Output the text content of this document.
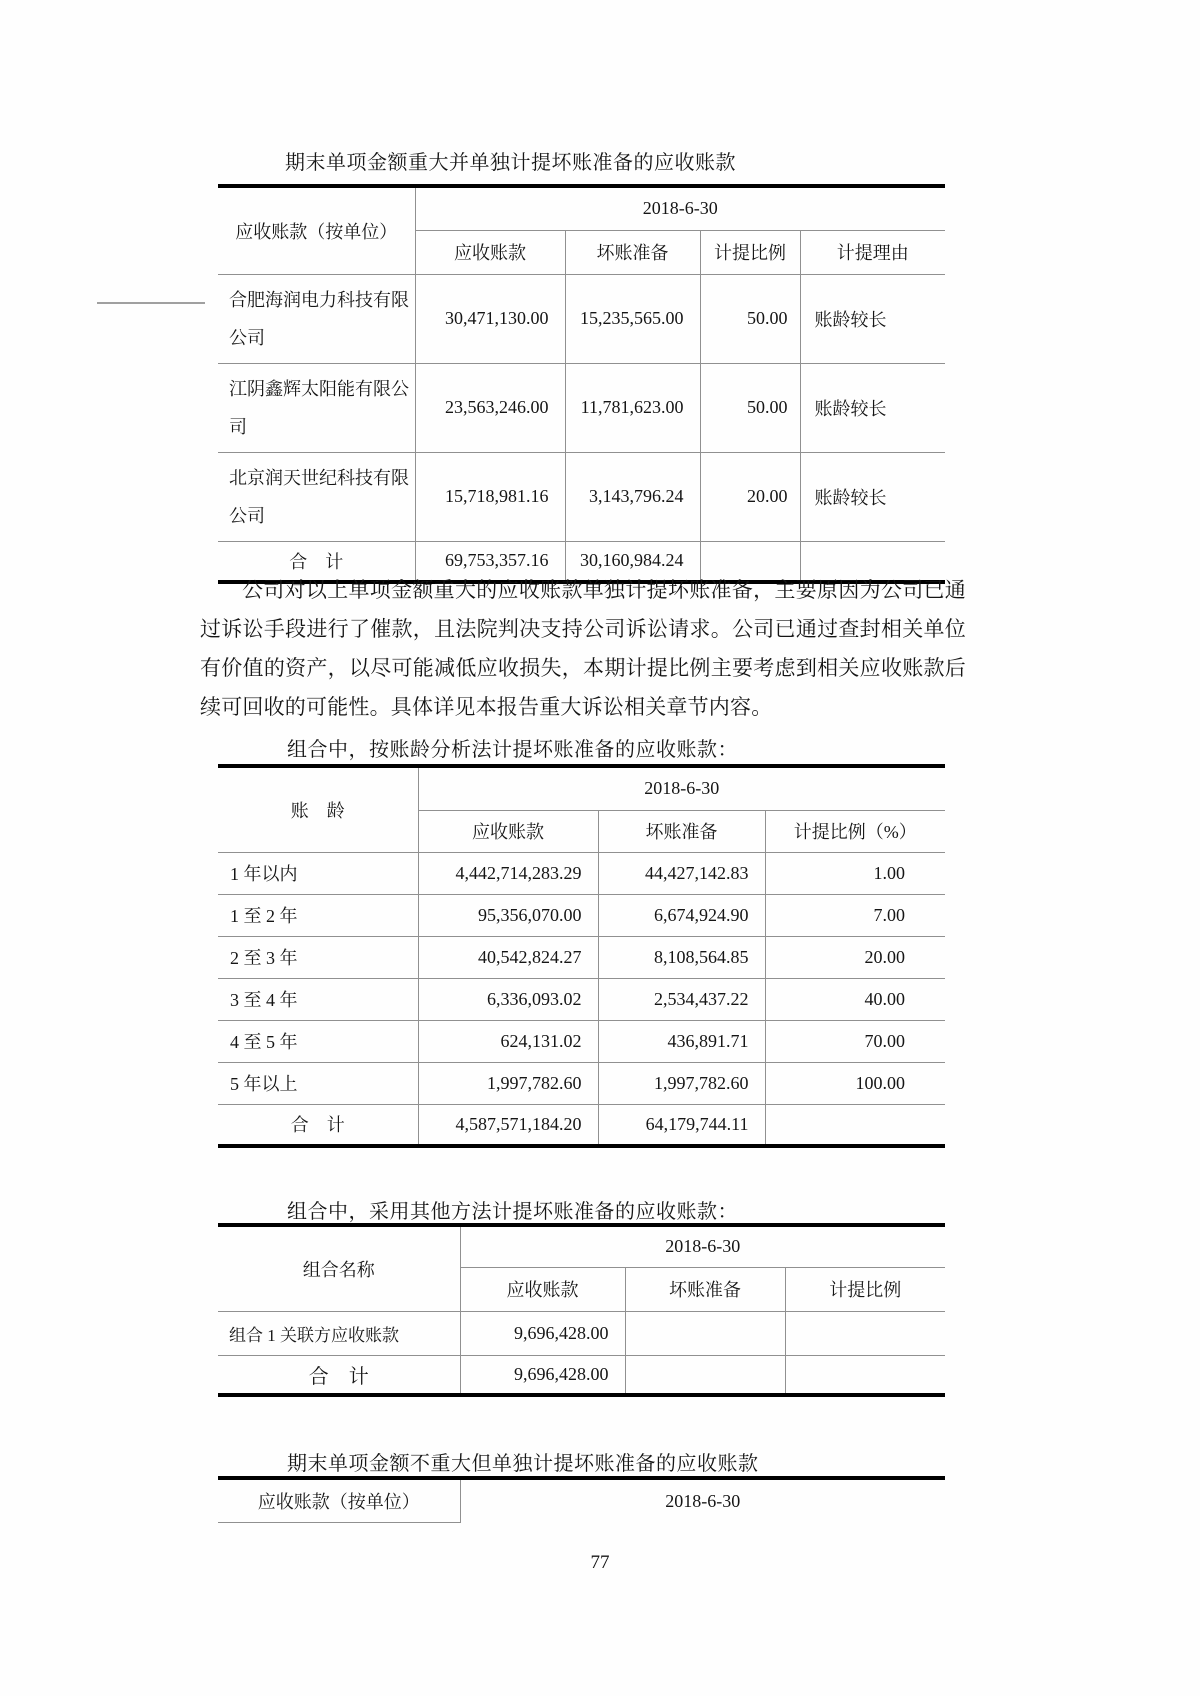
期末单项金额重大并单独计提坏账准备的应收账款
应收账款（按单位）	2018-6-30			
	应收账款	坏账准备	计提比例	计提理由
合肥海润电力科技有限公司	30,471,130.00	15,235,565.00	50.00	账龄较长
江阴鑫辉太阳能有限公司	23,563,246.00	11,781,623.00	50.00	账龄较长
北京润天世纪科技有限公司	15,718,981.16	3,143,796.24	20.00	账龄较长
合　计	69,753,357.16	30,160,984.24		
公司对以上单项金额重大的应收账款单独计提坏账准备，主要原因为公司已通过诉讼手段进行了催款，且法院判决支持公司诉讼请求。公司已通过查封相关单位有价值的资产，以尽可能减低应收损失，本期计提比例主要考虑到相关应收账款后续可回收的可能性。具体详见本报告重大诉讼相关章节内容。
组合中，按账龄分析法计提坏账准备的应收账款：
账　龄	2018-6-30		
	应收账款	坏账准备	计提比例（%）
1 年以内	4,442,714,283.29	44,427,142.83	1.00
1 至 2 年	95,356,070.00	6,674,924.90	7.00
2 至 3 年	40,542,824.27	8,108,564.85	20.00
3 至 4 年	6,336,093.02	2,534,437.22	40.00
4 至 5 年	624,131.02	436,891.71	70.00
5 年以上	1,997,782.60	1,997,782.60	100.00
合　计	4,587,571,184.20	64,179,744.11	
组合中，采用其他方法计提坏账准备的应收账款：
组合名称	2018-6-30		
	应收账款	坏账准备	计提比例
组合 1 关联方应收账款	9,696,428.00		
合　计	9,696,428.00		
期末单项金额不重大但单独计提坏账准备的应收账款
应收账款（按单位）	2018-6-30
77
